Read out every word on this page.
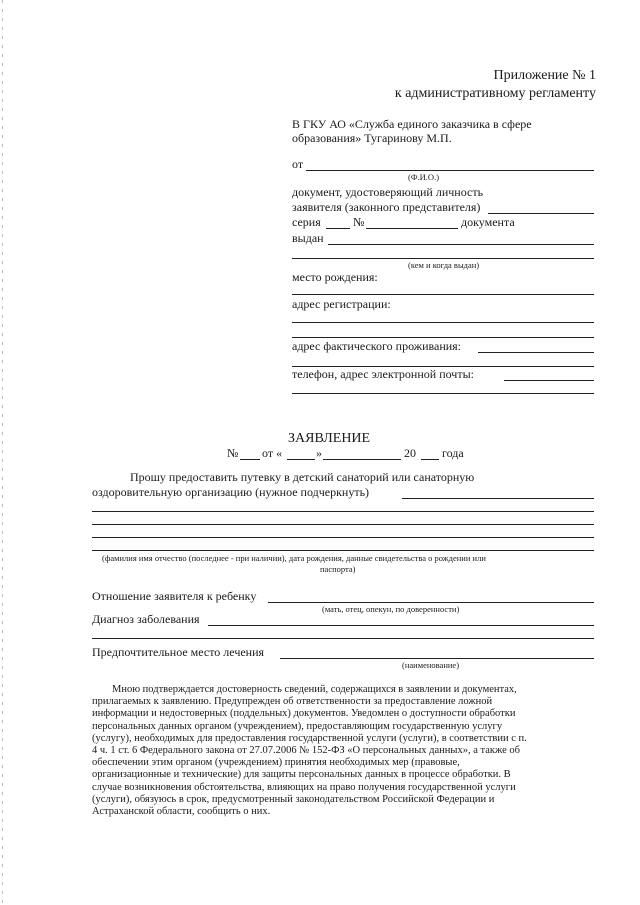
Приложение № 1
к административному регламенту
В ГКУ АО «Служба единого заказчика в сфере
образования» Тугаринову М.П.
от
(Ф.И.О.)
документ, удостоверяющий личность
заявителя (законного представителя)
серия	№	документа
выдан
(кем и когда выдан)
место рождения:
адрес регистрации:
адрес фактического проживания:
телефон, адрес электронной почты:
ЗАЯВЛЕНИЕ
№ от «	»	20 года
Прошу предоставить путевку в детский санаторий или санаторную
оздоровительную организацию (нужное подчеркнуть)
(фамилия имя отчество (последнее - при наличии), дата рождения, данные свидетельства о рождении или
паспорта)
Отношение заявителя к ребенку
(мать, отец, опекун, по доверенности)
Диагноз заболевания
Предпочтительное место лечения
(наименование)
Мною подтверждается достоверность сведений, содержащихся в заявлении и документах,
прилагаемых к заявлению. Предупрежден об ответственности за предоставление ложной
информации и недостоверных (поддельных) документов. Уведомлен о доступности обработки
персональных данных органом (учреждением), предоставляющим государственную услугу
(услугу), необходимых для предоставления государственной услуги (услуги), в соответствии с п.
4 ч. 1 ст. 6 Федерального закона от 27.07.2006 № 152-ФЗ «О персональных данных», а также об
обеспечении этим органом (учреждением) принятия необходимых мер (правовые,
организационные и технические) для защиты персональных данных в процессе обработки. В
случае возникновения обстоятельства, влияющих на право получения государственной услуги
(услуги), обязуюсь в срок, предусмотренный законодательством Российской Федерации и
Астраханской области, сообщить о них.
